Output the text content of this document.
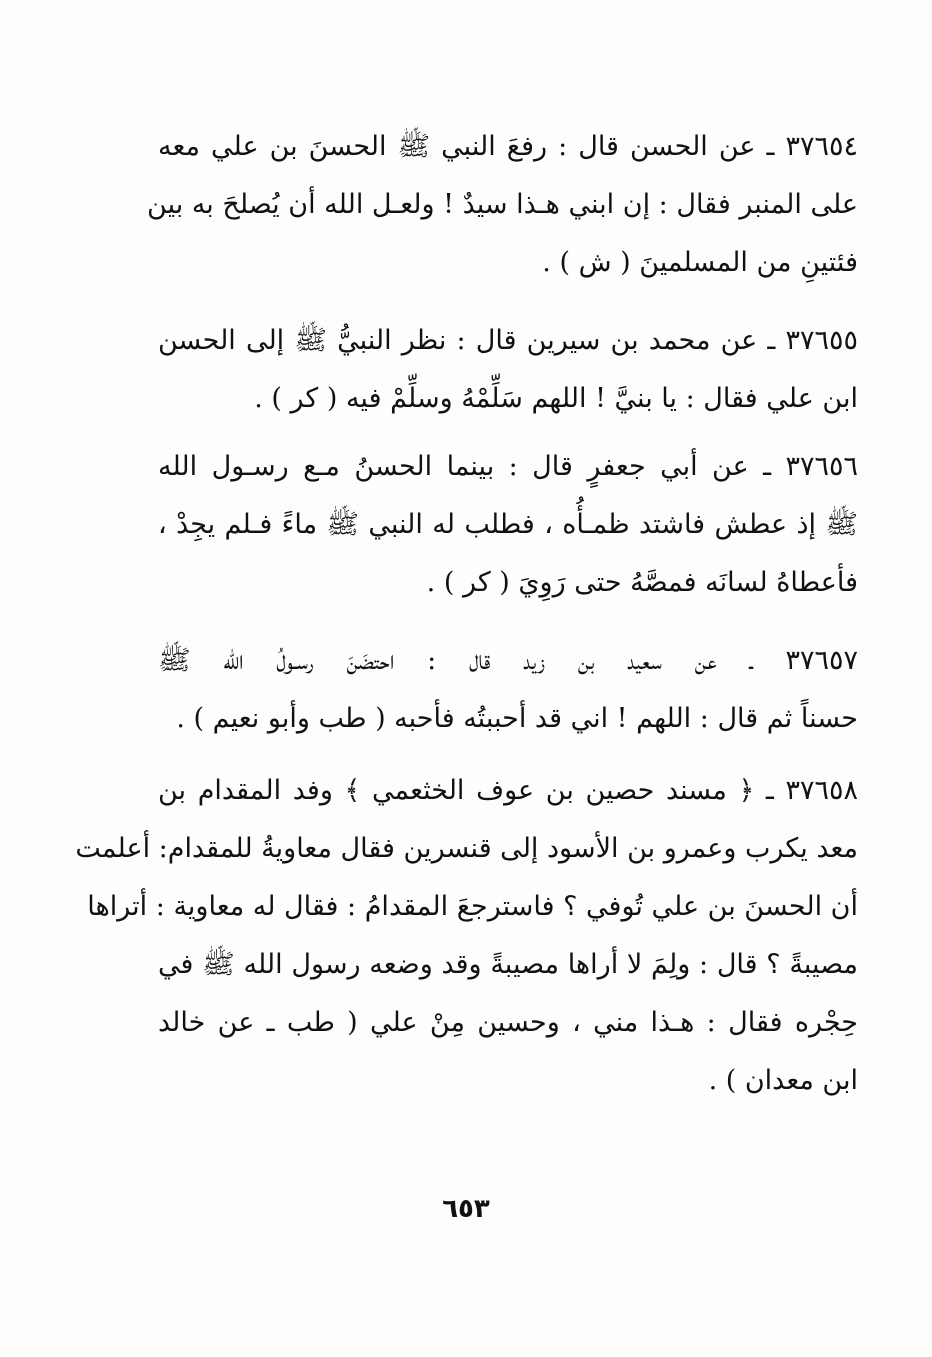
٣٧٦٥٤ ـ عن الحسن قال : رفعَ النبي ﷺ الحسنَ بن علي معه
على المنبر فقال : إن ابني هـذا سيدٌ ! ولعـل الله أن يُصلحَ به بين
فئتينِ من المسلمينَ ( ش ) .
٣٧٦٥٥ ـ عن محمد بن سيرين قال : نظر النبيُّ ﷺ إلى الحسن
ابن علي فقال : يا بنيَّ ! اللهم سَلِّمْهُ وسلِّمْ فيه ( كر ) .
٣٧٦٥٦ ـ عن أبي جعفرٍ قال : بينما الحسنُ مـع رسـول الله
ﷺ إذ عطش فاشتد ظمـأُه ، فطلب له النبي ﷺ ماءً فـلم يجِدْ ،
فأعطاهُ لسانَه فمصَّهُ حتى رَوِيَ ( كر ) .
٣٧٦٥٧ ـ عن سعيد بن زيد قال : احتضَنَ رسـولُ الله ﷺ
حسناً ثم قال : اللهم ! اني قد أحببتُه فأحبه ( طب وأبو نعيم ) .
٣٧٦٥٨ ـ ﴿ مسند حصين بن عوف الخثعمي ﴾ وفد المقدام بن
معد يكرب وعمرو بن الأسود إلى قنسرين فقال معاويةُ للمقدام: أعلمت
أن الحسنَ بن علي تُوفي ؟ فاسترجعَ المقدامُ : فقال له معاوية : أتراها
مصيبةً ؟ قال : ولِمَ لا أراها مصيبةً وقد وضعه رسول الله ﷺ في
حِجْره فقال : هـذا مني ، وحسين مِنْ علي ( طب ـ عن خالد
ابن معدان ) .
٦٥٣
